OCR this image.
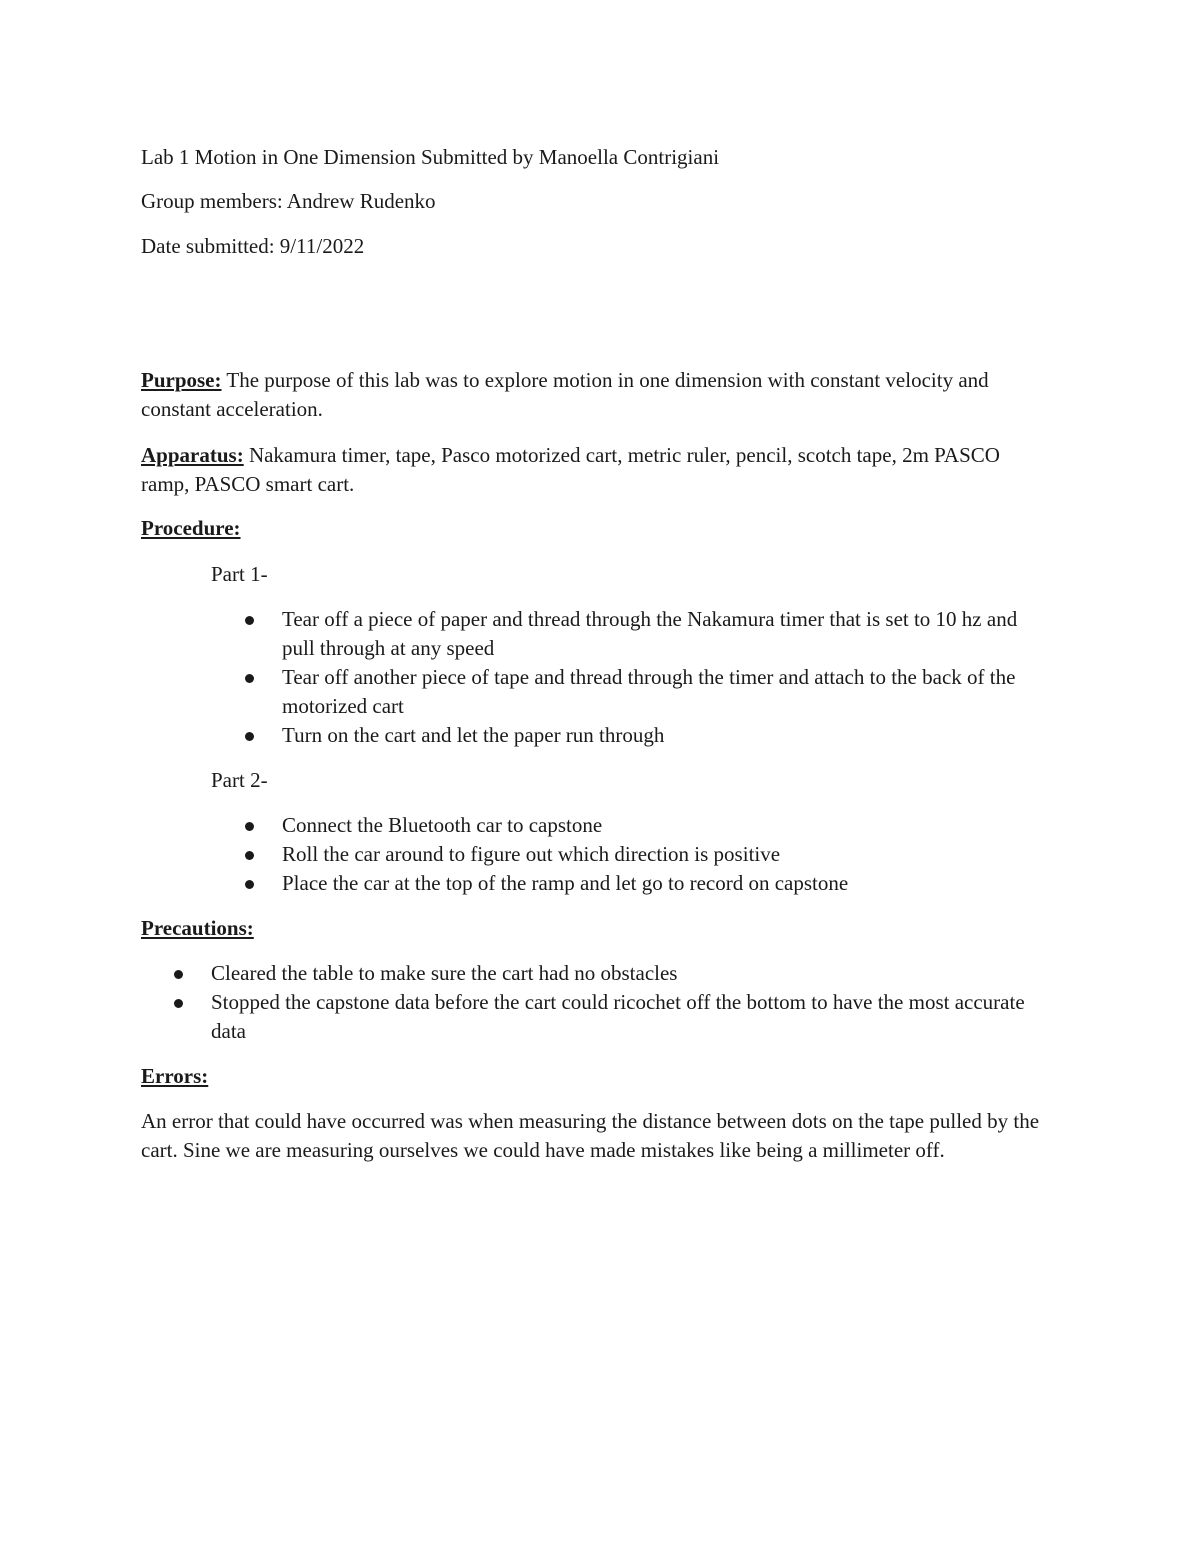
Lab 1 Motion in One Dimension Submitted by Manoella Contrigiani

Group members: Andrew Rudenko

Date submitted: 9/11/2022

Purpose: The purpose of this lab was to explore motion in one dimension with constant velocity and constant acceleration.

Apparatus: Nakamura timer, tape, Pasco motorized cart, metric ruler, pencil, scotch tape, 2m PASCO ramp, PASCO smart cart.

Procedure:

Part 1-

Tear off a piece of paper and thread through the Nakamura timer that is set to 10 hz and pull through at any speed
Tear off another piece of tape and thread through the timer and attach to the back of the motorized cart
Turn on the cart and let the paper run through

Part 2-

Connect the Bluetooth car to capstone
Roll the car around to figure out which direction is positive
Place the car at the top of the ramp and let go to record on capstone

Precautions:

Cleared the table to make sure the cart had no obstacles
Stopped the capstone data before the cart could ricochet off the bottom to have the most accurate data

Errors:

An error that could have occurred was when measuring the distance between dots on the tape pulled by the cart. Sine we are measuring ourselves we could have made mistakes like being a millimeter off.
